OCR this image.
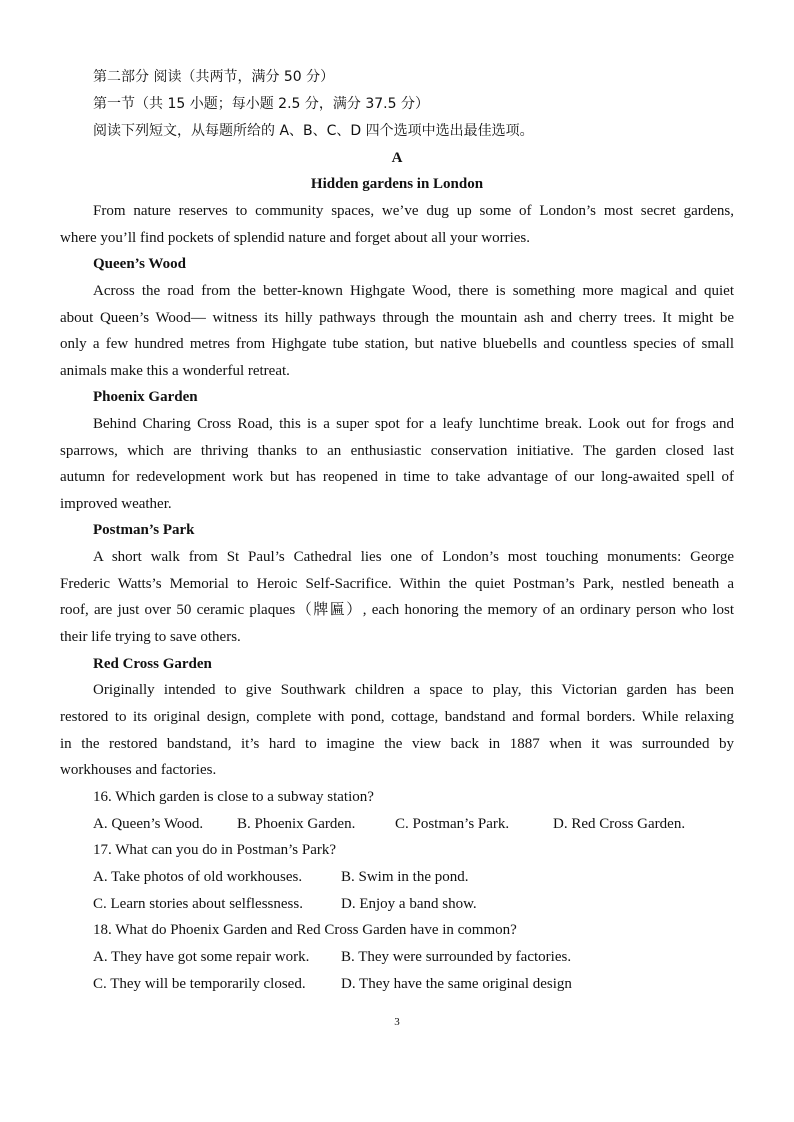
第二部分 阅读（共两节，满分 50 分）
第一节（共 15 小题；每小题 2.5 分，满分 37.5 分）
阅读下列短文，从每题所给的 A、B、C、D 四个选项中选出最佳选项。
A
Hidden gardens in London
From nature reserves to community spaces, we’ve dug up some of London’s most secret gardens,
where you’ll find pockets of splendid nature and forget about all your worries.
Queen’s Wood
Across the road from the better-known Highgate Wood, there is something more magical and quiet
about Queen’s Wood— witness its hilly pathways through the mountain ash and cherry trees. It might be
only a few hundred metres from Highgate tube station, but native bluebells and countless species of small
animals make this a wonderful retreat.
Phoenix Garden
Behind Charing Cross Road, this is a super spot for a leafy lunchtime break. Look out for frogs and
sparrows, which are thriving thanks to an enthusiastic conservation initiative. The garden closed last
autumn for redevelopment work but has reopened in time to take advantage of our long-awaited spell of
improved weather.
Postman’s Park
A short walk from St Paul’s Cathedral lies one of London’s most touching monuments: George
Frederic Watts’s Memorial to Heroic Self-Sacrifice. Within the quiet Postman’s Park, nestled beneath a
roof, are just over 50 ceramic plaques（牌匾）, each honoring the memory of an ordinary person who lost
their life trying to save others.
Red Cross Garden
Originally intended to give Southwark children a space to play, this Victorian garden has been
restored to its original design, complete with pond, cottage, bandstand and formal borders. While relaxing
in the restored bandstand, it’s hard to imagine the view back in 1887 when it was surrounded by
workhouses and factories.
16. Which garden is close to a subway station?
A. Queen’s Wood. B. Phoenix Garden.	C. Postman’s Park.	D. Red Cross Garden.
17. What can you do in Postman’s Park?
A. Take photos of old workhouses.	B. Swim in the pond.
C. Learn stories about selflessness.	D. Enjoy a band show.
18. What do Phoenix Garden and Red Cross Garden have in common?
A. They have got some repair work. B. They were surrounded by factories.
C. They will be temporarily closed. D. They have the same original design
3
